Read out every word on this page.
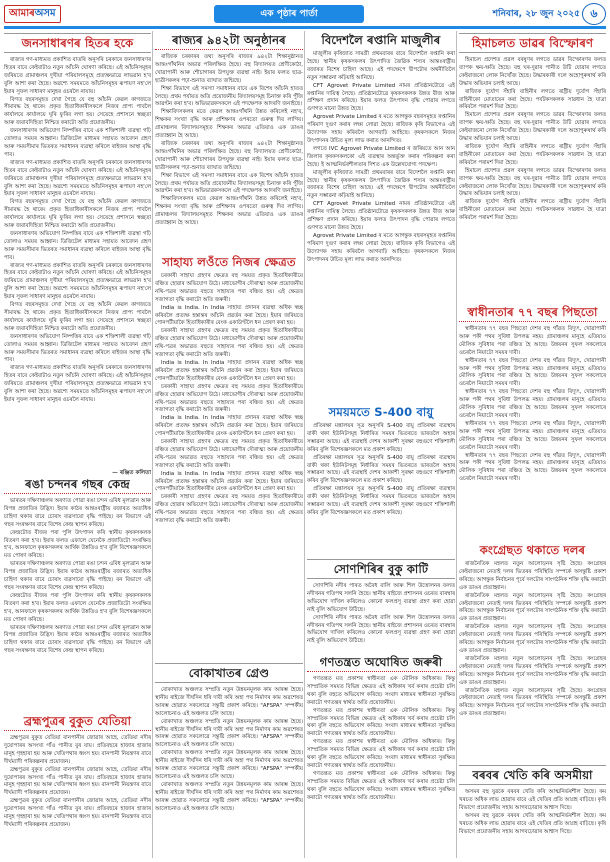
আমাৰঅসম	এক পৃষ্ঠাৰ পাৰ্তা	শনিবাৰ, ২৮ জুন ২০২৫ ৬
জনসাধাৰণৰ হিতৰ হকে

ৰাজ্যৰ গণ-মাধ্যমত প্ৰকাশিত বাতৰি অনুসৰি চৰকাৰে জনসাধাৰণৰ হিতৰ বাবে কেইবাটাও নতুন আঁচনি ঘোষণা কৰিছে। এই আঁচনিসমূহৰ জৰিয়তে গ্ৰামাঞ্চলৰ দুখীয়া পৰিয়ালসমূহে প্ৰত্যক্ষভাৱে লাভৱান হ'ব বুলি আশা কৰা হৈছে। অৱশ্যে সময়মতে আঁচনিসমূহৰ ৰূপায়ণ নহ'লে ইয়াৰ সুফল সাধাৰণ মানুহৰ ওচৰলৈ নাযায়।

বিগত বছৰসমূহত দেখা গৈছে যে বহু আঁচনি কেৱল কাগজতে সীমাবদ্ধ হৈ থাকে। প্ৰকৃত হিতাধিকাৰীসকলে নিজৰ প্ৰাপ্য পাবলৈ কাৰ্যালয়ে কাৰ্যালয়ে ঘূৰি ফুৰিব লগা হয়। সেয়েহে প্ৰশাসনে স্বচ্ছতা আৰু জবাবদিহিতা নিশ্চিত কৰাটো অতি প্ৰয়োজনীয়।

জনসাধাৰণৰ অভিযোগ নিষ্পত্তিৰ বাবে এক শক্তিশালী ব্যৱস্থা গঢ়ি তোলাও সময়ৰ আহ্বান। ডিজিটেল মাধ্যমৰ সহায়ত আবেদন গ্ৰহণ আৰু সময়সীমাৰ ভিতৰত সমাধানৰ ব্যৱস্থা কৰিলে ৰাইজৰ আস্থা বৃদ্ধি পাব।

ৰাজ্যৰ গণ-মাধ্যমত প্ৰকাশিত বাতৰি অনুসৰি চৰকাৰে জনসাধাৰণৰ হিতৰ বাবে কেইবাটাও নতুন আঁচনি ঘোষণা কৰিছে। এই আঁচনিসমূহৰ জৰিয়তে গ্ৰামাঞ্চলৰ দুখীয়া পৰিয়ালসমূহে প্ৰত্যক্ষভাৱে লাভৱান হ'ব বুলি আশা কৰা হৈছে। অৱশ্যে সময়মতে আঁচনিসমূহৰ ৰূপায়ণ নহ'লে ইয়াৰ সুফল সাধাৰণ মানুহৰ ওচৰলৈ নাযায়।

বিগত বছৰসমূহত দেখা গৈছে যে বহু আঁচনি কেৱল কাগজতে সীমাবদ্ধ হৈ থাকে। প্ৰকৃত হিতাধিকাৰীসকলে নিজৰ প্ৰাপ্য পাবলৈ কাৰ্যালয়ে কাৰ্যালয়ে ঘূৰি ফুৰিব লগা হয়। সেয়েহে প্ৰশাসনে স্বচ্ছতা আৰু জবাবদিহিতা নিশ্চিত কৰাটো অতি প্ৰয়োজনীয়।

জনসাধাৰণৰ অভিযোগ নিষ্পত্তিৰ বাবে এক শক্তিশালী ব্যৱস্থা গঢ়ি তোলাও সময়ৰ আহ্বান। ডিজিটেল মাধ্যমৰ সহায়ত আবেদন গ্ৰহণ আৰু সময়সীমাৰ ভিতৰত সমাধানৰ ব্যৱস্থা কৰিলে ৰাইজৰ আস্থা বৃদ্ধি পাব।

ৰাজ্যৰ গণ-মাধ্যমত প্ৰকাশিত বাতৰি অনুসৰি চৰকাৰে জনসাধাৰণৰ হিতৰ বাবে কেইবাটাও নতুন আঁচনি ঘোষণা কৰিছে। এই আঁচনিসমূহৰ জৰিয়তে গ্ৰামাঞ্চলৰ দুখীয়া পৰিয়ালসমূহে প্ৰত্যক্ষভাৱে লাভৱান হ'ব বুলি আশা কৰা হৈছে। অৱশ্যে সময়মতে আঁচনিসমূহৰ ৰূপায়ণ নহ'লে ইয়াৰ সুফল সাধাৰণ মানুহৰ ওচৰলৈ নাযায়।

বিগত বছৰসমূহত দেখা গৈছে যে বহু আঁচনি কেৱল কাগজতে সীমাবদ্ধ হৈ থাকে। প্ৰকৃত হিতাধিকাৰীসকলে নিজৰ প্ৰাপ্য পাবলৈ কাৰ্যালয়ে কাৰ্যালয়ে ঘূৰি ফুৰিব লগা হয়। সেয়েহে প্ৰশাসনে স্বচ্ছতা আৰু জবাবদিহিতা নিশ্চিত কৰাটো অতি প্ৰয়োজনীয়।

জনসাধাৰণৰ অভিযোগ নিষ্পত্তিৰ বাবে এক শক্তিশালী ব্যৱস্থা গঢ়ি তোলাও সময়ৰ আহ্বান। ডিজিটেল মাধ্যমৰ সহায়ত আবেদন গ্ৰহণ আৰু সময়সীমাৰ ভিতৰত সমাধানৰ ব্যৱস্থা কৰিলে ৰাইজৰ আস্থা বৃদ্ধি পাব।

ৰাজ্যৰ গণ-মাধ্যমত প্ৰকাশিত বাতৰি অনুসৰি চৰকাৰে জনসাধাৰণৰ হিতৰ বাবে কেইবাটাও নতুন আঁচনি ঘোষণা কৰিছে। এই আঁচনিসমূহৰ জৰিয়তে গ্ৰামাঞ্চলৰ দুখীয়া পৰিয়ালসমূহে প্ৰত্যক্ষভাৱে লাভৱান হ'ব বুলি আশা কৰা হৈছে। অৱশ্যে সময়মতে আঁচনিসমূহৰ ৰূপায়ণ নহ'লে ইয়াৰ সুফল সাধাৰণ মানুহৰ ওচৰলৈ নাযায়।

— ৰঞ্জিত কলিতা
ৰঙা চন্দনৰ গছৰ কেন্দ্ৰ

ভাৰতৰ দক্ষিণাঞ্চলৰ অৰণ্যত পোৱা ৰঙা চন্দন এবিধ মূল্যৱান আৰু বিপন্ন প্ৰজাতিৰ উদ্ভিদ। ইয়াৰ কাঠৰ আন্তঃৰাষ্ট্ৰীয় বজাৰত অত্যধিক চাহিদা থকাৰ বাবে চোৰাং ব্যৱসায়ো বৃদ্ধি পাইছে। বন বিভাগে এই গছৰ সংৰক্ষণৰ বাবে বিশেষ কেন্দ্ৰ স্থাপন কৰিছে।

কেন্দ্ৰটোত বীজৰ পৰা পুলি উৎপাদন কৰি স্থানীয় কৃষকসকলক বিতৰণ কৰা হ'ব। ইয়াৰ ফলত এফালে যেনেকৈ প্ৰজাতিটো সংৰক্ষিত হ'ব, আনফালে কৃষকসকলৰ আৰ্থিক উন্নতিও হ'ব বুলি বিশেষজ্ঞসকলে মত পোষণ কৰিছে।

ভাৰতৰ দক্ষিণাঞ্চলৰ অৰণ্যত পোৱা ৰঙা চন্দন এবিধ মূল্যৱান আৰু বিপন্ন প্ৰজাতিৰ উদ্ভিদ। ইয়াৰ কাঠৰ আন্তঃৰাষ্ট্ৰীয় বজাৰত অত্যধিক চাহিদা থকাৰ বাবে চোৰাং ব্যৱসায়ো বৃদ্ধি পাইছে। বন বিভাগে এই গছৰ সংৰক্ষণৰ বাবে বিশেষ কেন্দ্ৰ স্থাপন কৰিছে।

কেন্দ্ৰটোত বীজৰ পৰা পুলি উৎপাদন কৰি স্থানীয় কৃষকসকলক বিতৰণ কৰা হ'ব। ইয়াৰ ফলত এফালে যেনেকৈ প্ৰজাতিটো সংৰক্ষিত হ'ব, আনফালে কৃষকসকলৰ আৰ্থিক উন্নতিও হ'ব বুলি বিশেষজ্ঞসকলে মত পোষণ কৰিছে।

ভাৰতৰ দক্ষিণাঞ্চলৰ অৰণ্যত পোৱা ৰঙা চন্দন এবিধ মূল্যৱান আৰু বিপন্ন প্ৰজাতিৰ উদ্ভিদ। ইয়াৰ কাঠৰ আন্তঃৰাষ্ট্ৰীয় বজাৰত অত্যধিক চাহিদা থকাৰ বাবে চোৰাং ব্যৱসায়ো বৃদ্ধি পাইছে। বন বিভাগে এই গছৰ সংৰক্ষণৰ বাবে বিশেষ কেন্দ্ৰ স্থাপন কৰিছে।

ব্ৰহ্মপুত্ৰৰ বুকুত যেতিয়া

ব্ৰহ্মপুত্ৰৰ বুকুত যেতিয়া বানপানীৰ জোৱাৰ আহে, তেতিয়া নদীৰ দুয়োপাৰৰ অসংখ্য গাঁও পানীত বুৰ যায়। প্ৰতিবছৰে হাজাৰ হাজাৰ মানুহ গৃহহাৰা হয় আৰু খেতিপথাৰ ধ্বংস হয়। বানপানী নিয়ন্ত্ৰণৰ বাবে দীৰ্ঘম্যাদী পৰিকল্পনাৰ প্ৰয়োজন।

ব্ৰহ্মপুত্ৰৰ বুকুত যেতিয়া বানপানীৰ জোৱাৰ আহে, তেতিয়া নদীৰ দুয়োপাৰৰ অসংখ্য গাঁও পানীত বুৰ যায়। প্ৰতিবছৰে হাজাৰ হাজাৰ মানুহ গৃহহাৰা হয় আৰু খেতিপথাৰ ধ্বংস হয়। বানপানী নিয়ন্ত্ৰণৰ বাবে দীৰ্ঘম্যাদী পৰিকল্পনাৰ প্ৰয়োজন।

ব্ৰহ্মপুত্ৰৰ বুকুত যেতিয়া বানপানীৰ জোৱাৰ আহে, তেতিয়া নদীৰ দুয়োপাৰৰ অসংখ্য গাঁও পানীত বুৰ যায়। প্ৰতিবছৰে হাজাৰ হাজাৰ মানুহ গৃহহাৰা হয় আৰু খেতিপথাৰ ধ্বংস হয়। বানপানী নিয়ন্ত্ৰণৰ বাবে দীৰ্ঘম্যাদী পৰিকল্পনাৰ প্ৰয়োজন।

ৰাজ্যৰ ৯৪২টা অনুষ্ঠানৰ

ৰাজ্যিক চৰকাৰৰ তথ্য অনুসৰি ৰাজ্যৰ ৯৪২টা শিক্ষানুষ্ঠানত আন্তঃগাঁথনিৰ অভাৱ পৰিলক্ষিত হৈছে। বহু বিদ্যালয়ত শ্ৰেণীকোঠা, খোৱাপানী আৰু শৌচাগাৰৰ উপযুক্ত ব্যৱস্থা নাই। ইয়াৰ ফলত ছাত্ৰ-ছাত্ৰীসকলৰ পঢ়া-শুনাত ব্যাঘাত জন্মিছে।

শিক্ষা বিভাগে এই সমস্যা সমাধানৰ বাবে এক বিশেষ আঁচনি হাতত লৈছে। প্ৰথম পৰ্যায়ত অতি প্ৰয়োজনীয় বিদ্যালয়সমূহ চিনাক্ত কৰি পুঁজি আৱণ্টন কৰা হ'ব। অভিভাৱকসকলে এই পদক্ষেপক আদৰণি জনাইছে।

শিক্ষাবিদসকলৰ মতে কেৱল আন্তঃগাঁথনি উন্নত কৰিলেই নহ'ব, শিক্ষকৰ সংখ্যা বৃদ্ধি আৰু প্ৰশিক্ষণৰ ওপৰতো গুৰুত্ব দিব লাগিব। গ্ৰামাঞ্চলৰ বিদ্যালয়সমূহত শিক্ষকৰ অভাৱ এতিয়াও এক ডাঙৰ প্ৰত্যাহ্বান হৈ আছে।

ৰাজ্যিক চৰকাৰৰ তথ্য অনুসৰি ৰাজ্যৰ ৯৪২টা শিক্ষানুষ্ঠানত আন্তঃগাঁথনিৰ অভাৱ পৰিলক্ষিত হৈছে। বহু বিদ্যালয়ত শ্ৰেণীকোঠা, খোৱাপানী আৰু শৌচাগাৰৰ উপযুক্ত ব্যৱস্থা নাই। ইয়াৰ ফলত ছাত্ৰ-ছাত্ৰীসকলৰ পঢ়া-শুনাত ব্যাঘাত জন্মিছে।

শিক্ষা বিভাগে এই সমস্যা সমাধানৰ বাবে এক বিশেষ আঁচনি হাতত লৈছে। প্ৰথম পৰ্যায়ত অতি প্ৰয়োজনীয় বিদ্যালয়সমূহ চিনাক্ত কৰি পুঁজি আৱণ্টন কৰা হ'ব। অভিভাৱকসকলে এই পদক্ষেপক আদৰণি জনাইছে।

শিক্ষাবিদসকলৰ মতে কেৱল আন্তঃগাঁথনি উন্নত কৰিলেই নহ'ব, শিক্ষকৰ সংখ্যা বৃদ্ধি আৰু প্ৰশিক্ষণৰ ওপৰতো গুৰুত্ব দিব লাগিব। গ্ৰামাঞ্চলৰ বিদ্যালয়সমূহত শিক্ষকৰ অভাৱ এতিয়াও এক ডাঙৰ প্ৰত্যাহ্বান হৈ আছে।

সাহায্য লওঁতে নিজৰ ক্ষেত্ৰত

চৰকাৰী সাহায্য গ্ৰহণৰ ক্ষেত্ৰত বহু সময়ত প্ৰকৃত হিতাধিকাৰীয়ে বঞ্চিত হোৱাৰ অভিযোগ উঠে। মধ্যভোগীৰ দৌৰাত্ম্য আৰু প্ৰয়োজনীয় নথি-পত্ৰৰ অভাৱত বহুতে সাহায্যৰ পৰা বঞ্চিত হয়। এই ক্ষেত্ৰত সজাগতা বৃদ্ধি কৰাটো অতি জৰুৰী।

India is India. In India সাহায্য প্ৰদানৰ ব্যৱস্থা অধিক স্বচ্ছ কৰিবলৈ প্ৰত্যক্ষ হস্তান্তৰ আঁচনি প্ৰৱৰ্তন কৰা হৈছে। ইয়াৰ জৰিয়তে পোনপটীয়াকৈ হিতাধিকাৰীৰ বেংক একাউণ্টলৈ ধন প্ৰেৰণ কৰা হয়।

চৰকাৰী সাহায্য গ্ৰহণৰ ক্ষেত্ৰত বহু সময়ত প্ৰকৃত হিতাধিকাৰীয়ে বঞ্চিত হোৱাৰ অভিযোগ উঠে। মধ্যভোগীৰ দৌৰাত্ম্য আৰু প্ৰয়োজনীয় নথি-পত্ৰৰ অভাৱত বহুতে সাহায্যৰ পৰা বঞ্চিত হয়। এই ক্ষেত্ৰত সজাগতা বৃদ্ধি কৰাটো অতি জৰুৰী।

India is India. In India সাহায্য প্ৰদানৰ ব্যৱস্থা অধিক স্বচ্ছ কৰিবলৈ প্ৰত্যক্ষ হস্তান্তৰ আঁচনি প্ৰৱৰ্তন কৰা হৈছে। ইয়াৰ জৰিয়তে পোনপটীয়াকৈ হিতাধিকাৰীৰ বেংক একাউণ্টলৈ ধন প্ৰেৰণ কৰা হয়।

চৰকাৰী সাহায্য গ্ৰহণৰ ক্ষেত্ৰত বহু সময়ত প্ৰকৃত হিতাধিকাৰীয়ে বঞ্চিত হোৱাৰ অভিযোগ উঠে। মধ্যভোগীৰ দৌৰাত্ম্য আৰু প্ৰয়োজনীয় নথি-পত্ৰৰ অভাৱত বহুতে সাহায্যৰ পৰা বঞ্চিত হয়। এই ক্ষেত্ৰত সজাগতা বৃদ্ধি কৰাটো অতি জৰুৰী।

India is India. In India সাহায্য প্ৰদানৰ ব্যৱস্থা অধিক স্বচ্ছ কৰিবলৈ প্ৰত্যক্ষ হস্তান্তৰ আঁচনি প্ৰৱৰ্তন কৰা হৈছে। ইয়াৰ জৰিয়তে পোনপটীয়াকৈ হিতাধিকাৰীৰ বেংক একাউণ্টলৈ ধন প্ৰেৰণ কৰা হয়।

চৰকাৰী সাহায্য গ্ৰহণৰ ক্ষেত্ৰত বহু সময়ত প্ৰকৃত হিতাধিকাৰীয়ে বঞ্চিত হোৱাৰ অভিযোগ উঠে। মধ্যভোগীৰ দৌৰাত্ম্য আৰু প্ৰয়োজনীয় নথি-পত্ৰৰ অভাৱত বহুতে সাহায্যৰ পৰা বঞ্চিত হয়। এই ক্ষেত্ৰত সজাগতা বৃদ্ধি কৰাটো অতি জৰুৰী।

India is India. In India সাহায্য প্ৰদানৰ ব্যৱস্থা অধিক স্বচ্ছ কৰিবলৈ প্ৰত্যক্ষ হস্তান্তৰ আঁচনি প্ৰৱৰ্তন কৰা হৈছে। ইয়াৰ জৰিয়তে পোনপটীয়াকৈ হিতাধিকাৰীৰ বেংক একাউণ্টলৈ ধন প্ৰেৰণ কৰা হয়।

চৰকাৰী সাহায্য গ্ৰহণৰ ক্ষেত্ৰত বহু সময়ত প্ৰকৃত হিতাধিকাৰীয়ে বঞ্চিত হোৱাৰ অভিযোগ উঠে। মধ্যভোগীৰ দৌৰাত্ম্য আৰু প্ৰয়োজনীয় নথি-পত্ৰৰ অভাৱত বহুতে সাহায্যৰ পৰা বঞ্চিত হয়। এই ক্ষেত্ৰত সজাগতা বৃদ্ধি কৰাটো অতি জৰুৰী।

বোকাখাতৰ গ্ৰেণ্ড

বোকাখাত অঞ্চলত সম্প্ৰতি নতুন উন্নয়নমূলক কাম আৰম্ভ হৈছে। স্থানীয় ৰাইজে দীৰ্ঘদিন ধৰি দাবী কৰি অহা পথ নিৰ্মাণৰ কাম অৱশেষত আৰম্ভ হোৱাত সকলোৱে সন্তুষ্টি প্ৰকাশ কৰিছে। "AFSPA" সম্পৰ্কীয় আলোচনাও এই অঞ্চলত চলি আছে।

বোকাখাত অঞ্চলত সম্প্ৰতি নতুন উন্নয়নমূলক কাম আৰম্ভ হৈছে। স্থানীয় ৰাইজে দীৰ্ঘদিন ধৰি দাবী কৰি অহা পথ নিৰ্মাণৰ কাম অৱশেষত আৰম্ভ হোৱাত সকলোৱে সন্তুষ্টি প্ৰকাশ কৰিছে। "AFSPA" সম্পৰ্কীয় আলোচনাও এই অঞ্চলত চলি আছে।

বোকাখাত অঞ্চলত সম্প্ৰতি নতুন উন্নয়নমূলক কাম আৰম্ভ হৈছে। স্থানীয় ৰাইজে দীৰ্ঘদিন ধৰি দাবী কৰি অহা পথ নিৰ্মাণৰ কাম অৱশেষত আৰম্ভ হোৱাত সকলোৱে সন্তুষ্টি প্ৰকাশ কৰিছে। "AFSPA" সম্পৰ্কীয় আলোচনাও এই অঞ্চলত চলি আছে।

বোকাখাত অঞ্চলত সম্প্ৰতি নতুন উন্নয়নমূলক কাম আৰম্ভ হৈছে। স্থানীয় ৰাইজে দীৰ্ঘদিন ধৰি দাবী কৰি অহা পথ নিৰ্মাণৰ কাম অৱশেষত আৰম্ভ হোৱাত সকলোৱে সন্তুষ্টি প্ৰকাশ কৰিছে। "AFSPA" সম্পৰ্কীয় আলোচনাও এই অঞ্চলত চলি আছে।

বিদেশলৈ ৰপ্তানি মাজুলীৰ

মাজুলীৰ কৃষিজাত সামগ্ৰী প্ৰথমবাৰৰ বাবে বিদেশলৈ ৰপ্তানি কৰা হৈছে। স্থানীয় কৃষকসকলৰ উৎপাদিত জৈৱিক শস্যৰ আন্তঃৰাষ্ট্ৰীয় বজাৰত বিশেষ চাহিদা আছে। এই পদক্ষেপে দ্বীপটোৰ অৰ্থনীতিলৈ নতুন সম্ভাৱনা কঢ়িয়াই আনিছে।

CFT Agrovet Private Limited নামৰ প্ৰতিষ্ঠানটোৱে এই ৰপ্তানিৰ দায়িত্ব লৈছে। প্ৰতিষ্ঠানটোৱে কৃষকসকলক উন্নত বীজ আৰু প্ৰশিক্ষণ প্ৰদান কৰিছে। ইয়াৰ ফলত উৎপাদন বৃদ্ধি পোৱাৰ লগতে গুণগত মানো উন্নত হৈছে।

Agrovet Private Limited ৰ মতে আগন্তুক বছৰসমূহত ৰপ্তানিৰ পৰিমাণ দুগুণ কৰাৰ লক্ষ্য লোৱা হৈছে। ৰাজ্যিক কৃষি বিভাগেও এই উদ্যোগক সহায় কৰিবলৈ আগবাঢ়ি আহিছে। কৃষকসকলে নিজৰ উৎপাদনৰ উচিত মূল্য লাভ কৰাত আনন্দিত।

লগতে IVC Agrovet Private Limited ৰ জৰিয়তে আন আন জিলাৰ কৃষকসকলকো এই ব্যৱস্থাৰ অন্তৰ্ভুক্ত কৰাৰ পৰিকল্পনা কৰা হৈছে। ই আত্মনিৰ্ভৰশীলতাৰ দিশত এক উল্লেখযোগ্য পদক্ষেপ।

মাজুলীৰ কৃষিজাত সামগ্ৰী প্ৰথমবাৰৰ বাবে বিদেশলৈ ৰপ্তানি কৰা হৈছে। স্থানীয় কৃষকসকলৰ উৎপাদিত জৈৱিক শস্যৰ আন্তঃৰাষ্ট্ৰীয় বজাৰত বিশেষ চাহিদা আছে। এই পদক্ষেপে দ্বীপটোৰ অৰ্থনীতিলৈ নতুন সম্ভাৱনা কঢ়িয়াই আনিছে।

CFT Agrovet Private Limited নামৰ প্ৰতিষ্ঠানটোৱে এই ৰপ্তানিৰ দায়িত্ব লৈছে। প্ৰতিষ্ঠানটোৱে কৃষকসকলক উন্নত বীজ আৰু প্ৰশিক্ষণ প্ৰদান কৰিছে। ইয়াৰ ফলত উৎপাদন বৃদ্ধি পোৱাৰ লগতে গুণগত মানো উন্নত হৈছে।

Agrovet Private Limited ৰ মতে আগন্তুক বছৰসমূহত ৰপ্তানিৰ পৰিমাণ দুগুণ কৰাৰ লক্ষ্য লোৱা হৈছে। ৰাজ্যিক কৃষি বিভাগেও এই উদ্যোগক সহায় কৰিবলৈ আগবাঢ়ি আহিছে। কৃষকসকলে নিজৰ উৎপাদনৰ উচিত মূল্য লাভ কৰাত আনন্দিত।

সময়মতে S-400 বায়ু

প্ৰতিৰক্ষা মন্ত্ৰালয়ৰ সূত্ৰ অনুসৰি S-400 বায়ু প্ৰতিৰক্ষা ব্যৱস্থাৰ বাকী থকা ইউনিটসমূহ নিৰ্ধাৰিত সময়ৰ ভিতৰতে ভাৰতলৈ অহাৰ সম্ভাৱনা আছে। এই ব্যৱস্থাই দেশৰ আকাশী সুৰক্ষা বহুগুণে শক্তিশালী কৰিব বুলি বিশেষজ্ঞসকলে মত প্ৰকাশ কৰিছে।

প্ৰতিৰক্ষা মন্ত্ৰালয়ৰ সূত্ৰ অনুসৰি S-400 বায়ু প্ৰতিৰক্ষা ব্যৱস্থাৰ বাকী থকা ইউনিটসমূহ নিৰ্ধাৰিত সময়ৰ ভিতৰতে ভাৰতলৈ অহাৰ সম্ভাৱনা আছে। এই ব্যৱস্থাই দেশৰ আকাশী সুৰক্ষা বহুগুণে শক্তিশালী কৰিব বুলি বিশেষজ্ঞসকলে মত প্ৰকাশ কৰিছে।

প্ৰতিৰক্ষা মন্ত্ৰালয়ৰ সূত্ৰ অনুসৰি S-400 বায়ু প্ৰতিৰক্ষা ব্যৱস্থাৰ বাকী থকা ইউনিটসমূহ নিৰ্ধাৰিত সময়ৰ ভিতৰতে ভাৰতলৈ অহাৰ সম্ভাৱনা আছে। এই ব্যৱস্থাই দেশৰ আকাশী সুৰক্ষা বহুগুণে শক্তিশালী কৰিব বুলি বিশেষজ্ঞসকলে মত প্ৰকাশ কৰিছে।

সোণশিৰিৰ বুকু কাটি

সোণশিৰি নদীৰ পাৰত অবৈধ বালি আৰু শিল উত্তোলনৰ ফলত নদীখনৰ গতিপথ সলনি হৈছে। স্থানীয় ৰাইজে প্ৰশাসনৰ ওচৰত বাৰম্বাৰ অভিযোগ দাখিল কৰিলেও কোনো ফলপ্ৰসূ ব্যৱস্থা গ্ৰহণ কৰা হোৱা নাই বুলি অভিযোগ উঠিছে।

সোণশিৰি নদীৰ পাৰত অবৈধ বালি আৰু শিল উত্তোলনৰ ফলত নদীখনৰ গতিপথ সলনি হৈছে। স্থানীয় ৰাইজে প্ৰশাসনৰ ওচৰত বাৰম্বাৰ অভিযোগ দাখিল কৰিলেও কোনো ফলপ্ৰসূ ব্যৱস্থা গ্ৰহণ কৰা হোৱা নাই বুলি অভিযোগ উঠিছে।

গণতন্ত্ৰত অঘোষিত জৰুৰী

গণতন্ত্ৰত মত প্ৰকাশৰ স্বাধীনতা এক মৌলিক অধিকাৰ। কিন্তু সাম্প্ৰতিক সময়ত বিভিন্ন ক্ষেত্ৰত এই অধিকাৰ খৰ্ব কৰাৰ প্ৰচেষ্টা চলি থকা বুলি বহুতে অভিযোগ কৰিছে। সংবাদ মাধ্যমৰ স্বাধীনতা সুৰক্ষিত কৰাটো গণতন্ত্ৰৰ স্বাৰ্থত অতি প্ৰয়োজনীয়।

গণতন্ত্ৰত মত প্ৰকাশৰ স্বাধীনতা এক মৌলিক অধিকাৰ। কিন্তু সাম্প্ৰতিক সময়ত বিভিন্ন ক্ষেত্ৰত এই অধিকাৰ খৰ্ব কৰাৰ প্ৰচেষ্টা চলি থকা বুলি বহুতে অভিযোগ কৰিছে। সংবাদ মাধ্যমৰ স্বাধীনতা সুৰক্ষিত কৰাটো গণতন্ত্ৰৰ স্বাৰ্থত অতি প্ৰয়োজনীয়।

গণতন্ত্ৰত মত প্ৰকাশৰ স্বাধীনতা এক মৌলিক অধিকাৰ। কিন্তু সাম্প্ৰতিক সময়ত বিভিন্ন ক্ষেত্ৰত এই অধিকাৰ খৰ্ব কৰাৰ প্ৰচেষ্টা চলি থকা বুলি বহুতে অভিযোগ কৰিছে। সংবাদ মাধ্যমৰ স্বাধীনতা সুৰক্ষিত কৰাটো গণতন্ত্ৰৰ স্বাৰ্থত অতি প্ৰয়োজনীয়।

গণতন্ত্ৰত মত প্ৰকাশৰ স্বাধীনতা এক মৌলিক অধিকাৰ। কিন্তু সাম্প্ৰতিক সময়ত বিভিন্ন ক্ষেত্ৰত এই অধিকাৰ খৰ্ব কৰাৰ প্ৰচেষ্টা চলি থকা বুলি বহুতে অভিযোগ কৰিছে। সংবাদ মাধ্যমৰ স্বাধীনতা সুৰক্ষিত কৰাটো গণতন্ত্ৰৰ স্বাৰ্থত অতি প্ৰয়োজনীয়।

হিমাচলত ডাৱৰ বিস্ফোৰণ

হিমাচল প্ৰদেশত প্ৰৱল বৰষুণৰ লগতে ডাৱৰ বিস্ফোৰণৰ ফলত ব্যাপক ক্ষয়-ক্ষতি হৈছে। বহু ঘৰ-দুৱাৰ পানীত উটি যোৱাৰ লগতে কেইবাজনো লোক নিখোঁজ হৈছে। উদ্ধাৰকাৰী দলে অহোপুৰুষাৰ্থ কৰি উদ্ধাৰ অভিযান চলাই আছে।

ৰাজ্যিক দুৰ্যোগ সঁহাৰি বাহিনীৰ লগতে ৰাষ্ট্ৰীয় দুৰ্যোগ সঁহাৰি বাহিনীকো মোতায়েন কৰা হৈছে। পৰ্যটকসকলক সাৱধান হৈ যাত্ৰা কৰিবলৈ পৰামৰ্শ দিয়া হৈছে।

হিমাচল প্ৰদেশত প্ৰৱল বৰষুণৰ লগতে ডাৱৰ বিস্ফোৰণৰ ফলত ব্যাপক ক্ষয়-ক্ষতি হৈছে। বহু ঘৰ-দুৱাৰ পানীত উটি যোৱাৰ লগতে কেইবাজনো লোক নিখোঁজ হৈছে। উদ্ধাৰকাৰী দলে অহোপুৰুষাৰ্থ কৰি উদ্ধাৰ অভিযান চলাই আছে।

ৰাজ্যিক দুৰ্যোগ সঁহাৰি বাহিনীৰ লগতে ৰাষ্ট্ৰীয় দুৰ্যোগ সঁহাৰি বাহিনীকো মোতায়েন কৰা হৈছে। পৰ্যটকসকলক সাৱধান হৈ যাত্ৰা কৰিবলৈ পৰামৰ্শ দিয়া হৈছে।

হিমাচল প্ৰদেশত প্ৰৱল বৰষুণৰ লগতে ডাৱৰ বিস্ফোৰণৰ ফলত ব্যাপক ক্ষয়-ক্ষতি হৈছে। বহু ঘৰ-দুৱাৰ পানীত উটি যোৱাৰ লগতে কেইবাজনো লোক নিখোঁজ হৈছে। উদ্ধাৰকাৰী দলে অহোপুৰুষাৰ্থ কৰি উদ্ধাৰ অভিযান চলাই আছে।

ৰাজ্যিক দুৰ্যোগ সঁহাৰি বাহিনীৰ লগতে ৰাষ্ট্ৰীয় দুৰ্যোগ সঁহাৰি বাহিনীকো মোতায়েন কৰা হৈছে। পৰ্যটকসকলক সাৱধান হৈ যাত্ৰা কৰিবলৈ পৰামৰ্শ দিয়া হৈছে।

স্বাধীনতাৰ ৭৭ বছৰ পিছতো

স্বাধীনতাৰ ৭৭ বছৰ পিছতো দেশৰ বহু গাঁৱত বিদ্যুৎ, খোৱাপানী আৰু পকী পথৰ সুবিধা উপলব্ধ নহয়। গ্ৰামাঞ্চলৰ মানুহে এতিয়াও মৌলিক সুবিধাৰ পৰা বঞ্চিত হৈ আছে। উন্নয়নৰ সুফল সকলোৰে ওচৰলৈ নিয়াটো সময়ৰ দাবী।

স্বাধীনতাৰ ৭৭ বছৰ পিছতো দেশৰ বহু গাঁৱত বিদ্যুৎ, খোৱাপানী আৰু পকী পথৰ সুবিধা উপলব্ধ নহয়। গ্ৰামাঞ্চলৰ মানুহে এতিয়াও মৌলিক সুবিধাৰ পৰা বঞ্চিত হৈ আছে। উন্নয়নৰ সুফল সকলোৰে ওচৰলৈ নিয়াটো সময়ৰ দাবী।

স্বাধীনতাৰ ৭৭ বছৰ পিছতো দেশৰ বহু গাঁৱত বিদ্যুৎ, খোৱাপানী আৰু পকী পথৰ সুবিধা উপলব্ধ নহয়। গ্ৰামাঞ্চলৰ মানুহে এতিয়াও মৌলিক সুবিধাৰ পৰা বঞ্চিত হৈ আছে। উন্নয়নৰ সুফল সকলোৰে ওচৰলৈ নিয়াটো সময়ৰ দাবী।

স্বাধীনতাৰ ৭৭ বছৰ পিছতো দেশৰ বহু গাঁৱত বিদ্যুৎ, খোৱাপানী আৰু পকী পথৰ সুবিধা উপলব্ধ নহয়। গ্ৰামাঞ্চলৰ মানুহে এতিয়াও মৌলিক সুবিধাৰ পৰা বঞ্চিত হৈ আছে। উন্নয়নৰ সুফল সকলোৰে ওচৰলৈ নিয়াটো সময়ৰ দাবী।

স্বাধীনতাৰ ৭৭ বছৰ পিছতো দেশৰ বহু গাঁৱত বিদ্যুৎ, খোৱাপানী আৰু পকী পথৰ সুবিধা উপলব্ধ নহয়। গ্ৰামাঞ্চলৰ মানুহে এতিয়াও মৌলিক সুবিধাৰ পৰা বঞ্চিত হৈ আছে। উন্নয়নৰ সুফল সকলোৰে ওচৰলৈ নিয়াটো সময়ৰ দাবী।

কংগ্ৰেছত থকাতে দলৰ

ৰাজনৈতিক মহলত নতুন আলোড়নৰ সৃষ্টি হৈছে। কংগ্ৰেছৰ কেইবাজনো নেতাই দলৰ ভিতৰৰ পৰিস্থিতি সম্পৰ্কে অসন্তুষ্টি প্ৰকাশ কৰিছে। আগন্তুক নিৰ্বাচনৰ পূৰ্বে দলটোৰ সাংগঠনিক শক্তি বৃদ্ধি কৰাটো এক ডাঙৰ প্ৰত্যাহ্বান।

ৰাজনৈতিক মহলত নতুন আলোড়নৰ সৃষ্টি হৈছে। কংগ্ৰেছৰ কেইবাজনো নেতাই দলৰ ভিতৰৰ পৰিস্থিতি সম্পৰ্কে অসন্তুষ্টি প্ৰকাশ কৰিছে। আগন্তুক নিৰ্বাচনৰ পূৰ্বে দলটোৰ সাংগঠনিক শক্তি বৃদ্ধি কৰাটো এক ডাঙৰ প্ৰত্যাহ্বান।

ৰাজনৈতিক মহলত নতুন আলোড়নৰ সৃষ্টি হৈছে। কংগ্ৰেছৰ কেইবাজনো নেতাই দলৰ ভিতৰৰ পৰিস্থিতি সম্পৰ্কে অসন্তুষ্টি প্ৰকাশ কৰিছে। আগন্তুক নিৰ্বাচনৰ পূৰ্বে দলটোৰ সাংগঠনিক শক্তি বৃদ্ধি কৰাটো এক ডাঙৰ প্ৰত্যাহ্বান।

ৰাজনৈতিক মহলত নতুন আলোড়নৰ সৃষ্টি হৈছে। কংগ্ৰেছৰ কেইবাজনো নেতাই দলৰ ভিতৰৰ পৰিস্থিতি সম্পৰ্কে অসন্তুষ্টি প্ৰকাশ কৰিছে। আগন্তুক নিৰ্বাচনৰ পূৰ্বে দলটোৰ সাংগঠনিক শক্তি বৃদ্ধি কৰাটো এক ডাঙৰ প্ৰত্যাহ্বান।

ৰাজনৈতিক মহলত নতুন আলোড়নৰ সৃষ্টি হৈছে। কংগ্ৰেছৰ কেইবাজনো নেতাই দলৰ ভিতৰৰ পৰিস্থিতি সম্পৰ্কে অসন্তুষ্টি প্ৰকাশ কৰিছে। আগন্তুক নিৰ্বাচনৰ পূৰ্বে দলটোৰ সাংগঠনিক শক্তি বৃদ্ধি কৰাটো এক ডাঙৰ প্ৰত্যাহ্বান।

বৰবৰ খেতি কৰি অসমীয়া

অসমৰ বহু যুৱকে বৰবৰ খেতি কৰি আত্মনিৰ্ভৰশীল হৈছে। কম খৰচত অধিক লাভ হোৱাৰ বাবে এই খেতিৰ প্ৰতি আগ্ৰহ বাঢ়িছে। কৃষি বিভাগে প্ৰয়োজনীয় সহায় আগবঢ়োৱাৰ আশ্বাস দিছে।

অসমৰ বহু যুৱকে বৰবৰ খেতি কৰি আত্মনিৰ্ভৰশীল হৈছে। কম খৰচত অধিক লাভ হোৱাৰ বাবে এই খেতিৰ প্ৰতি আগ্ৰহ বাঢ়িছে। কৃষি বিভাগে প্ৰয়োজনীয় সহায় আগবঢ়োৱাৰ আশ্বাস দিছে।
